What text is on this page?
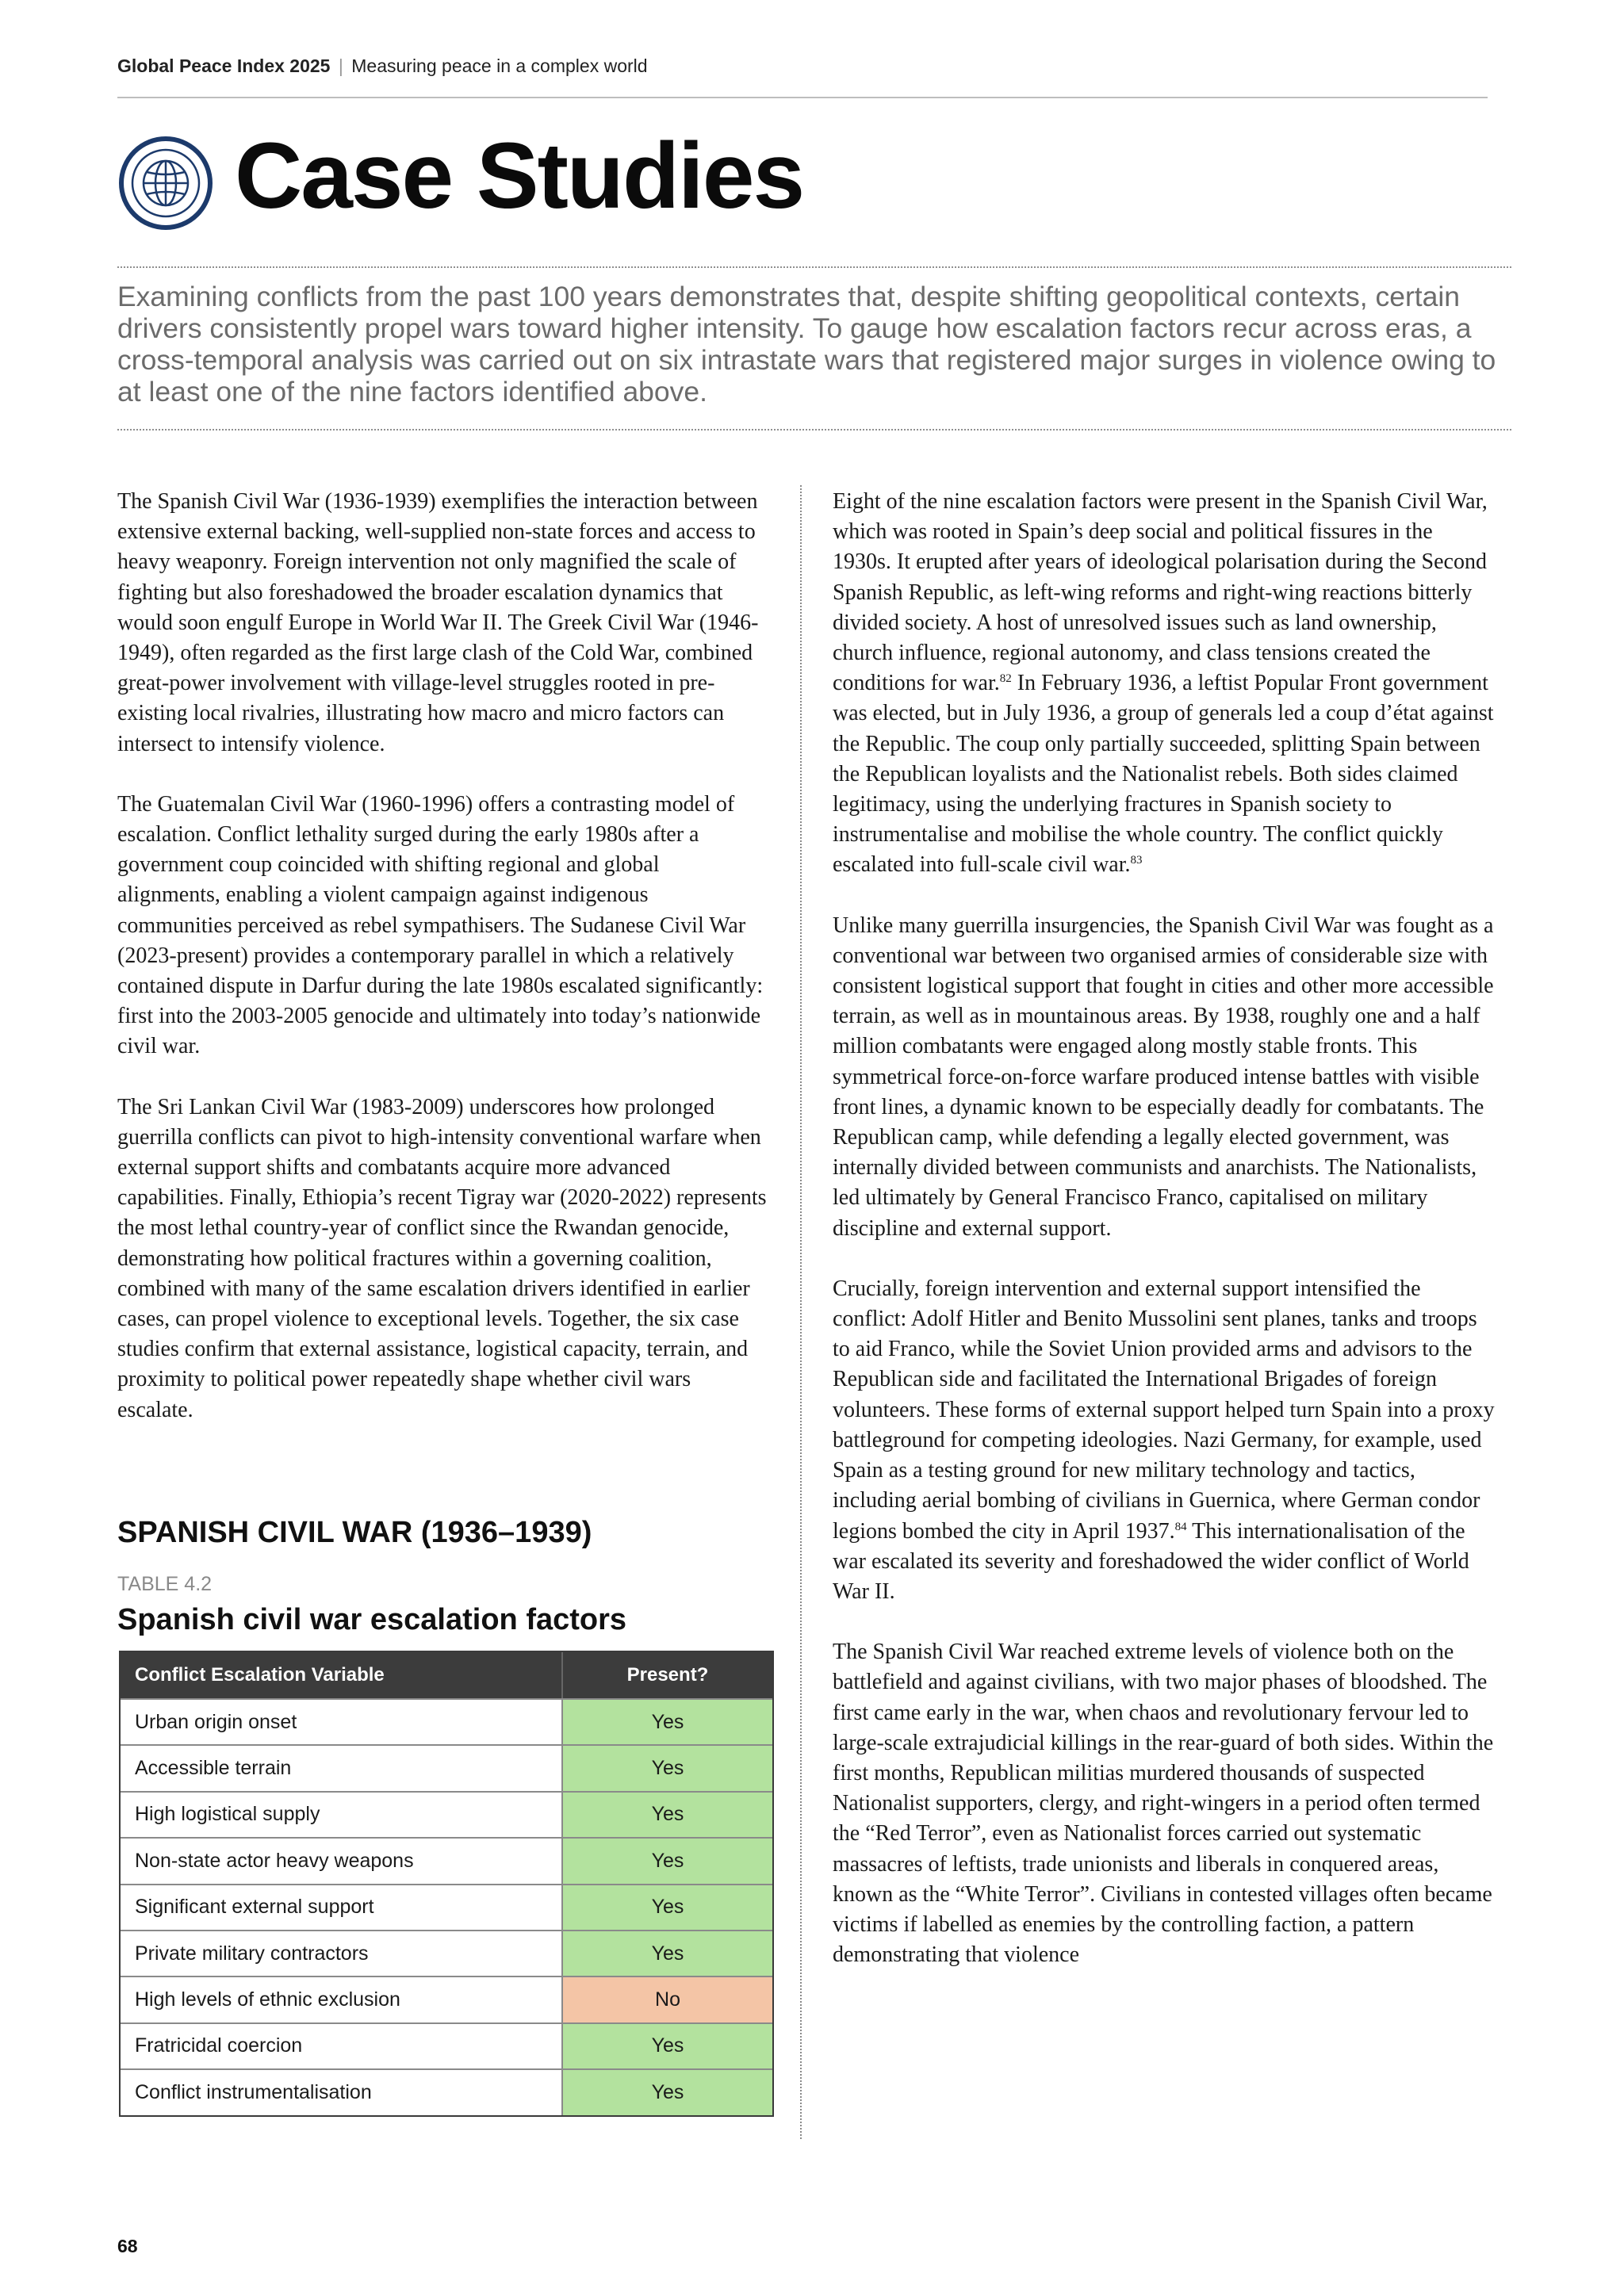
Global Peace Index 2025 | Measuring peace in a complex world
Case Studies
Examining conflicts from the past 100 years demonstrates that, despite shifting geopolitical contexts, certain drivers consistently propel wars toward higher intensity. To gauge how escalation factors recur across eras, a cross-temporal analysis was carried out on six intrastate wars that registered major surges in violence owing to at least one of the nine factors identified above.

The Spanish Civil War (1936-1939) exemplifies the interaction between extensive external backing, well-supplied non-state forces and access to heavy weaponry. Foreign intervention not only magnified the scale of fighting but also foreshadowed the broader escalation dynamics that would soon engulf Europe in World War II. The Greek Civil War (1946-1949), often regarded as the first large clash of the Cold War, combined great-power involvement with village-level struggles rooted in pre-existing local rivalries, illustrating how macro and micro factors can intersect to intensify violence.

The Guatemalan Civil War (1960-1996) offers a contrasting model of escalation. Conflict lethality surged during the early 1980s after a government coup coincided with shifting regional and global alignments, enabling a violent campaign against indigenous communities perceived as rebel sympathisers. The Sudanese Civil War (2023-present) provides a contemporary parallel in which a relatively contained dispute in Darfur during the late 1980s escalated significantly: first into the 2003-2005 genocide and ultimately into today’s nationwide civil war.

The Sri Lankan Civil War (1983-2009) underscores how prolonged guerrilla conflicts can pivot to high-intensity conventional warfare when external support shifts and combatants acquire more advanced capabilities. Finally, Ethiopia’s recent Tigray war (2020-2022) represents the most lethal country-year of conflict since the Rwandan genocide, demonstrating how political fractures within a governing coalition, combined with many of the same escalation drivers identified in earlier cases, can propel violence to exceptional levels. Together, the six case studies confirm that external assistance, logistical capacity, terrain, and proximity to political power repeatedly shape whether civil wars escalate.

SPANISH CIVIL WAR (1936–1939)
TABLE 4.2
Spanish civil war escalation factors
Conflict Escalation Variable	Present?
Urban origin onset	Yes
Accessible terrain	Yes
High logistical supply	Yes
Non-state actor heavy weapons	Yes
Significant external support	Yes
Private military contractors	Yes
High levels of ethnic exclusion	No
Fratricidal coercion	Yes
Conflict instrumentalisation	Yes

Eight of the nine escalation factors were present in the Spanish Civil War, which was rooted in Spain’s deep social and political fissures in the 1930s. It erupted after years of ideological polarisation during the Second Spanish Republic, as left-wing reforms and right-wing reactions bitterly divided society. A host of unresolved issues such as land ownership, church influence, regional autonomy, and class tensions created the conditions for war.$^{82}$ In February 1936, a leftist Popular Front government was elected, but in July 1936, a group of generals led a coup d’état against the Republic. The coup only partially succeeded, splitting Spain between the Republican loyalists and the Nationalist rebels. Both sides claimed legitimacy, using the underlying fractures in Spanish society to instrumentalise and mobilise the whole country. The conflict quickly escalated into full-scale civil war.$^{83}$

Unlike many guerrilla insurgencies, the Spanish Civil War was fought as a conventional war between two organised armies of considerable size with consistent logistical support that fought in cities and other more accessible terrain, as well as in mountainous areas. By 1938, roughly one and a half million combatants were engaged along mostly stable fronts. This symmetrical force-on-force warfare produced intense battles with visible front lines, a dynamic known to be especially deadly for combatants. The Republican camp, while defending a legally elected government, was internally divided between communists and anarchists. The Nationalists, led ultimately by General Francisco Franco, capitalised on military discipline and external support.

Crucially, foreign intervention and external support intensified the conflict: Adolf Hitler and Benito Mussolini sent planes, tanks and troops to aid Franco, while the Soviet Union provided arms and advisors to the Republican side and facilitated the International Brigades of foreign volunteers. These forms of external support helped turn Spain into a proxy battleground for competing ideologies. Nazi Germany, for example, used Spain as a testing ground for new military technology and tactics, including aerial bombing of civilians in Guernica, where German condor legions bombed the city in April 1937.84 This internationalisation of the war escalated its severity and foreshadowed the wider conflict of World War II.

The Spanish Civil War reached extreme levels of violence both on the battlefield and against civilians, with two major phases of bloodshed. The first came early in the war, when chaos and revolutionary fervour led to large-scale extrajudicial killings in the rear-guard of both sides. Within the first months, Republican militias murdered thousands of suspected Nationalist supporters, clergy, and right-wingers in a period often termed the “Red Terror”, even as Nationalist forces carried out systematic massacres of leftists, trade unionists and liberals in conquered areas, known as the “White Terror”. Civilians in contested villages often became victims if labelled as enemies by the controlling faction, a pattern demonstrating that violence

68
